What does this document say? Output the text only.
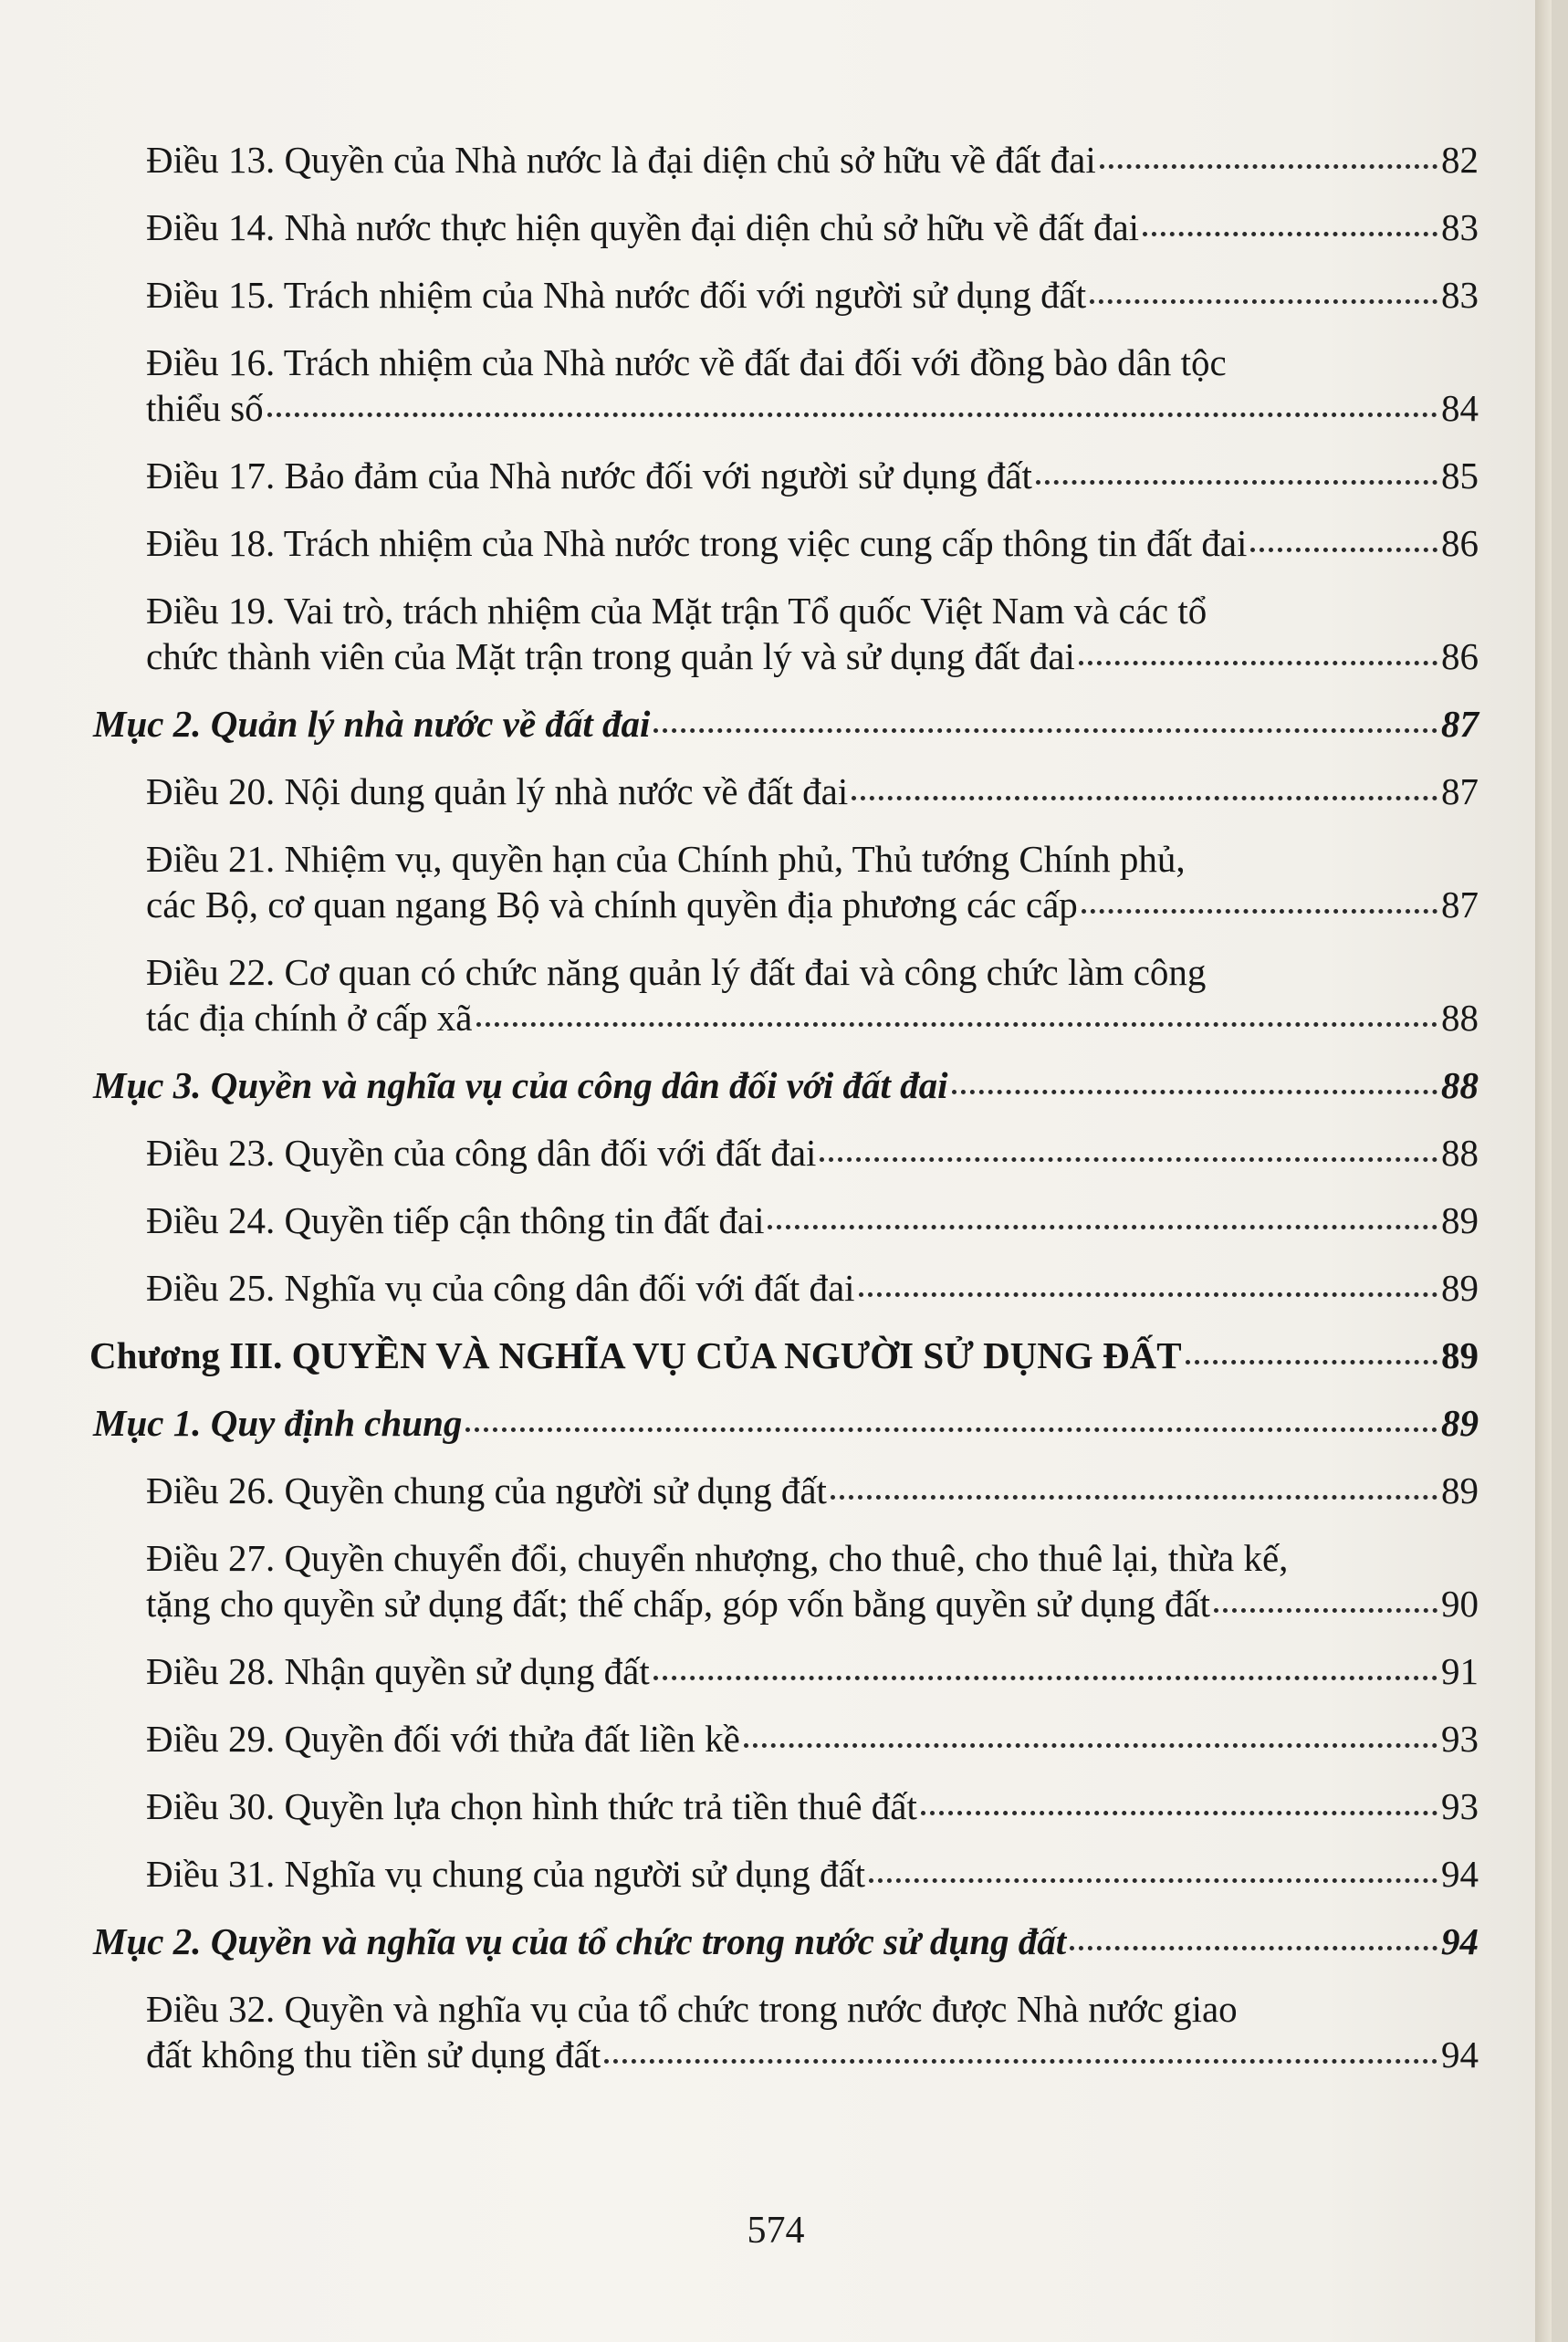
Điều 13. Quyền của Nhà nước là đại diện chủ sở hữu về đất đai	82
Điều 14. Nhà nước thực hiện quyền đại diện chủ sở hữu về đất đai	83
Điều 15. Trách nhiệm của Nhà nước đối với người sử dụng đất	83
Điều 16. Trách nhiệm của Nhà nước về đất đai đối với đồng bào dân tộc
thiểu số	84
Điều 17. Bảo đảm của Nhà nước đối với người sử dụng đất	85
Điều 18. Trách nhiệm của Nhà nước trong việc cung cấp thông tin đất đai	86
Điều 19. Vai trò, trách nhiệm của Mặt trận Tổ quốc Việt Nam và các tổ
chức thành viên của Mặt trận trong quản lý và sử dụng đất đai	86
Mục 2. Quản lý nhà nước về đất đai	87
Điều 20. Nội dung quản lý nhà nước về đất đai	87
Điều 21. Nhiệm vụ, quyền hạn của Chính phủ, Thủ tướng Chính phủ,
các Bộ, cơ quan ngang Bộ và chính quyền địa phương các cấp	87
Điều 22. Cơ quan có chức năng quản lý đất đai và công chức làm công
tác địa chính ở cấp xã	88
Mục 3. Quyền và nghĩa vụ của công dân đối với đất đai	88
Điều 23. Quyền của công dân đối với đất đai	88
Điều 24. Quyền tiếp cận thông tin đất đai	89
Điều 25. Nghĩa vụ của công dân đối với đất đai	89
Chương III. QUYỀN VÀ NGHĨA VỤ CỦA NGƯỜI SỬ DỤNG ĐẤT	89
Mục 1. Quy định chung	89
Điều 26. Quyền chung của người sử dụng đất	89
Điều 27. Quyền chuyển đổi, chuyển nhượng, cho thuê, cho thuê lại, thừa kế,
tặng cho quyền sử dụng đất; thế chấp, góp vốn bằng quyền sử dụng đất	90
Điều 28. Nhận quyền sử dụng đất	91
Điều 29. Quyền đối với thửa đất liền kề	93
Điều 30. Quyền lựa chọn hình thức trả tiền thuê đất	93
Điều 31. Nghĩa vụ chung của người sử dụng đất	94
Mục 2. Quyền và nghĩa vụ của tổ chức trong nước sử dụng đất	94
Điều 32. Quyền và nghĩa vụ của tổ chức trong nước được Nhà nước giao
đất không thu tiền sử dụng đất	94
574
